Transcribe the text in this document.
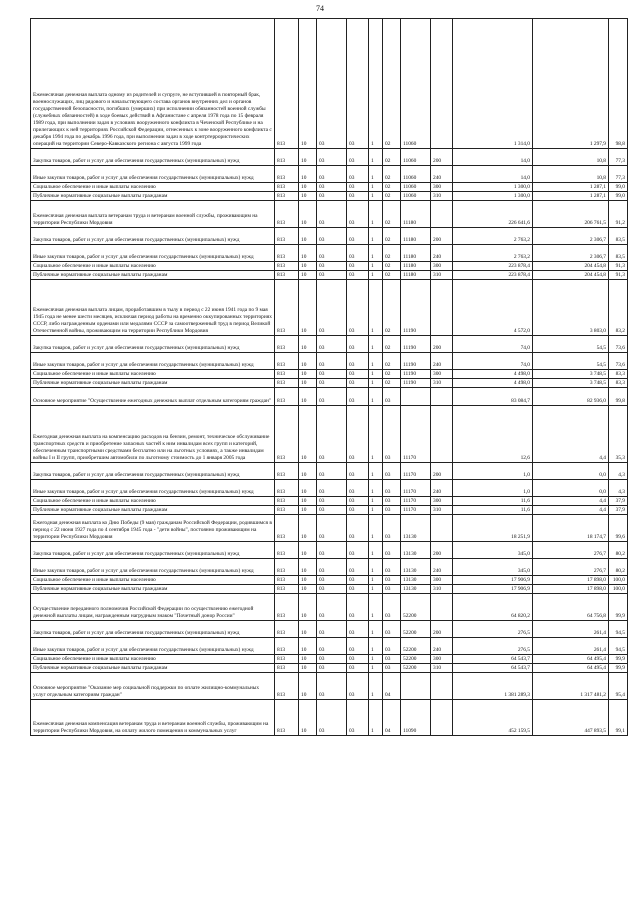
74
Ежемесячная денежная выплата одному из родителей и супруге, не вступившей в повторный брак, военнослужащих, лиц рядового и начальствующего состава органов внутренних дел и органов государственной безопасности, погибших (умерших) при исполнении обязанностей военной службы (служебных обязанностей) в ходе боевых действий в Афганистане с апреля 1978 года по 15 февраля 1989 года, при выполнении задач в условиях вооруженного конфликта в Чеченской Республике и на прилегающих к ней территориях Российской Федерации, отнесенных к зоне вооруженного конфликта с декабря 1994 года по декабрь 1996 года, при выполнении задач в ходе контртеррористических операций на территории Северо-Кавказского региона с августа 1999 года	813	10	03	03	1	02	11060		1 314,0	1 297,9	98,8
Закупка товаров, работ и услуг для обеспечения государственных (муниципальных) нужд	813	10	03	03	1	02	11060	200	14,0	10,8	77,3
Иные закупки товаров, работ и услуг для обеспечения государственных (муниципальных) нужд	813	10	03	03	1	02	11060	240	14,0	10,8	77,3
Социальное обеспечение и иные выплаты населению	813	10	03	03	1	02	11060	300	1 300,0	1 287,1	99,0
Публичные нормативные социальные выплаты гражданам	813	10	03	03	1	02	11060	310	1 300,0	1 287,1	99,0
Ежемесячная денежная выплата ветеранам труда и ветеранам военной службы, проживающим на территории Республики Мордовия	813	10	03	03	1	02	11180		226 641,6	206 761,5	91,2
Закупка товаров, работ и услуг для обеспечения государственных (муниципальных) нужд	813	10	03	03	1	02	11180	200	2 763,2	2 306,7	83,5
Иные закупки товаров, работ и услуг для обеспечения государственных (муниципальных) нужд	813	10	03	03	1	02	11180	240	2 763,2	2 306,7	83,5
Социальное обеспечение и иные выплаты населению	813	10	03	03	1	02	11180	300	223 878,4	204 454,8	91,3
Публичные нормативные социальные выплаты гражданам	813	10	03	03	1	02	11180	310	223 878,4	204 454,8	91,3
Ежемесячная денежная выплата лицам, проработавшим в тылу в период с 22 июня 1941 года по 9 мая 1945 года не менее шести месяцев, исключая период работы на временно оккупированных территориях СССР, либо награжденным орденами или медалями СССР за самоотверженный труд в период Великой Отечественной войны, проживающим на территории Республики Мордовия	813	10	03	03	1	02	11190		4 572,0	3 803,0	83,2
Закупка товаров, работ и услуг для обеспечения государственных (муниципальных) нужд	813	10	03	03	1	02	11190	200	74,0	54,5	73,6
Иные закупки товаров, работ и услуг для обеспечения государственных (муниципальных) нужд	813	10	03	03	1	02	11190	240	74,0	54,5	73,6
Социальное обеспечение и иные выплаты населению	813	10	03	03	1	02	11190	300	4 498,0	3 748,5	83,3
Публичные нормативные социальные выплаты гражданам	813	10	03	03	1	02	11190	310	4 498,0	3 748,5	83,3
Основное мероприятие "Осуществление ежегодных денежных выплат отдельным категориям граждан"	813	10	03	03	1	03			83 084,7	82 936,0	99,8
Ежегодная денежная выплата на компенсацию расходов на бензин, ремонт, техническое обслуживание транспортных средств и приобретение запасных частей к ним инвалидам всех групп и категорий, обеспеченным транспортными средствами бесплатно или на льготных условиях, а также инвалидам войны I и II групп, приобретшим автомобили по льготному стоимость до 1 января 2005 года	813	10	03	03	1	03	11170		12,6	4,4	35,3
Закупка товаров, работ и услуг для обеспечения государственных (муниципальных) нужд	813	10	03	03	1	03	11170	200	1,0	0,0	4,3
Иные закупки товаров, работ и услуг для обеспечения государственных (муниципальных) нужд	813	10	03	03	1	03	11170	240	1,0	0,0	4,3
Социальное обеспечение и иные выплаты населению	813	10	03	03	1	03	11170	300	11,6	4,4	37,9
Публичные нормативные социальные выплаты гражданам	813	10	03	03	1	03	11170	310	11,6	4,4	37,9
Ежегодная денежная выплата ко Дню Победы (9 мая) гражданам Российской Федерации, родившимся в период с 22 июня 1927 года по 4 сентября 1945 года - "дети войны", постоянно проживающим на территории Республики Мордовия	813	10	03	03	1	03	13130		18 251,9	18 174,7	99,6
Закупка товаров, работ и услуг для обеспечения государственных (муниципальных) нужд	813	10	03	03	1	03	13130	200	345,0	276,7	80,2
Иные закупки товаров, работ и услуг для обеспечения государственных (муниципальных) нужд	813	10	03	03	1	03	13130	240	345,0	276,7	80,2
Социальное обеспечение и иные выплаты населению	813	10	03	03	1	03	13130	300	17 906,9	17 898,0	100,0
Публичные нормативные социальные выплаты гражданам	813	10	03	03	1	03	13130	310	17 906,9	17 898,0	100,0
Осуществление переданного полномочия Российской Федерации по осуществлению ежегодной денежной выплаты лицам, награжденным нагрудным знаком "Почетный донор России"	813	10	03	03	1	03	52200		64 820,2	64 756,8	99,9
Закупка товаров, работ и услуг для обеспечения государственных (муниципальных) нужд	813	10	03	03	1	03	52200	200	276,5	261,4	94,5
Иные закупки товаров, работ и услуг для обеспечения государственных (муниципальных) нужд	813	10	03	03	1	03	52200	240	276,5	261,4	94,5
Социальное обеспечение и иные выплаты населению	813	10	03	03	1	03	52200	300	64 543,7	64 495,4	99,9
Публичные нормативные социальные выплаты гражданам	813	10	03	03	1	03	52200	310	64 543,7	64 495,4	99,9
Основное мероприятие "Оказание мер социальной поддержки по оплате жилищно-коммунальных услуг отдельным категориям граждан"	813	10	03	03	1	04			1 381 289,3	1 317 481,2	95,4
Ежемесячная денежная компенсация ветеранам труда и ветеранам военной службы, проживающим на территории Республики Мордовия, на оплату жилого помещения и коммунальных услуг	813	10	03	03	1	04	11090		452 159,5	447 893,5	99,1
